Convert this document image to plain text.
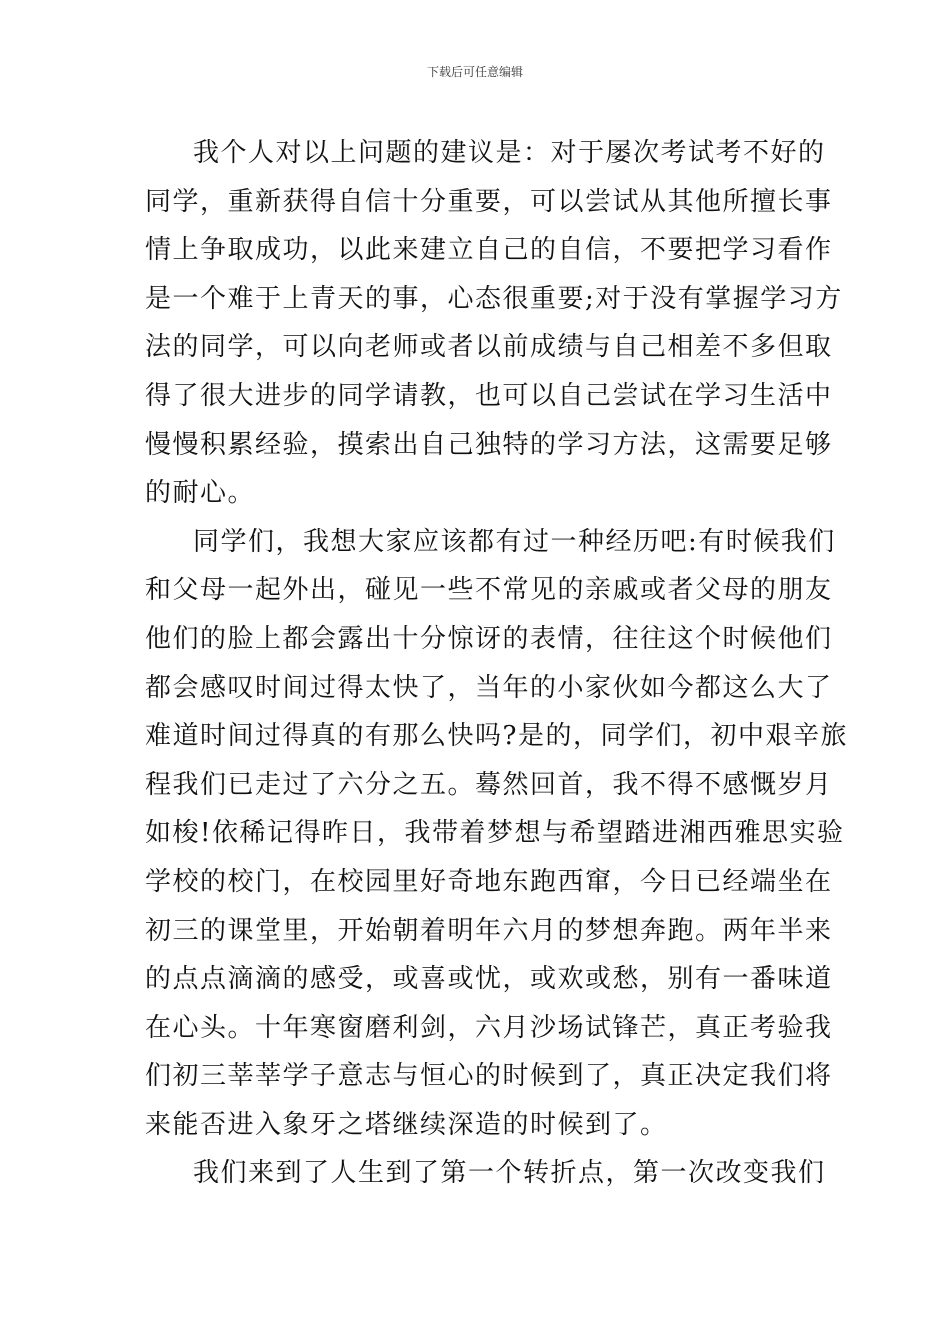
下载后可任意编辑
我个人对以上问题的建议是：对于屡次考试考不好的
同学，重新获得自信十分重要，可以尝试从其他所擅长事
情上争取成功，以此来建立自己的自信，不要把学习看作
是一个难于上青天的事，心态很重要;对于没有掌握学习方
法的同学，可以向老师或者以前成绩与自己相差不多但取
得了很大进步的同学请教，也可以自己尝试在学习生活中
慢慢积累经验，摸索出自己独特的学习方法，这需要足够
的耐心。
同学们，我想大家应该都有过一种经历吧:有时候我们
和父母一起外出，碰见一些不常见的亲戚或者父母的朋友
他们的脸上都会露出十分惊讶的表情，往往这个时候他们
都会感叹时间过得太快了，当年的小家伙如今都这么大了
难道时间过得真的有那么快吗?是的，同学们，初中艰辛旅
程我们已走过了六分之五。蓦然回首，我不得不感慨岁月
如梭!依稀记得昨日，我带着梦想与希望踏进湘西雅思实验
学校的校门，在校园里好奇地东跑西窜，今日已经端坐在
初三的课堂里，开始朝着明年六月的梦想奔跑。两年半来
的点点滴滴的感受，或喜或忧，或欢或愁，别有一番味道
在心头。十年寒窗磨利剑，六月沙场试锋芒，真正考验我
们初三莘莘学子意志与恒心的时候到了，真正决定我们将
来能否进入象牙之塔继续深造的时候到了。
我们来到了人生到了第一个转折点，第一次改变我们
